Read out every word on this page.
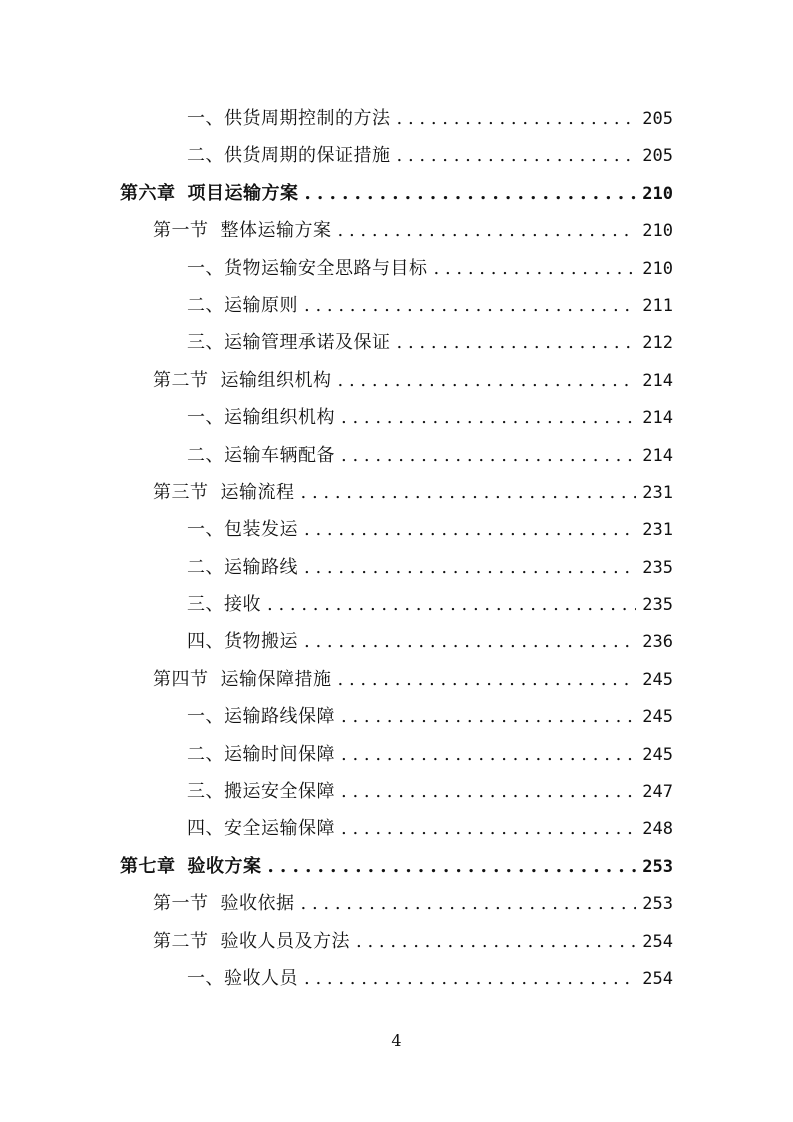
一、供货周期控制的方法 . . .	205
二、供货周期的保证措施 . . .	205
第六章 项目运输方案 . . .	210
第一节 整体运输方案 . . .	210
一、货物运输安全思路与目标 . . .	210
二、运输原则 . . .	211
三、运输管理承诺及保证 . . .	212
第二节 运输组织机构 . . .	214
一、运输组织机构 . . .	214
二、运输车辆配备 . . .	214
第三节 运输流程 . . .	231
一、包装发运 . . .	231
二、运输路线 . . .	235
三、接收 . . .	235
四、货物搬运 . . .	236
第四节 运输保障措施 . . .	245
一、运输路线保障 . . .	245
二、运输时间保障 . . .	245
三、搬运安全保障 . . .	247
四、安全运输保障 . . .	248
第七章 验收方案 . . .	253
第一节 验收依据 . . .	253
第二节 验收人员及方法 . . .	254
一、验收人员 . . .	254
4
